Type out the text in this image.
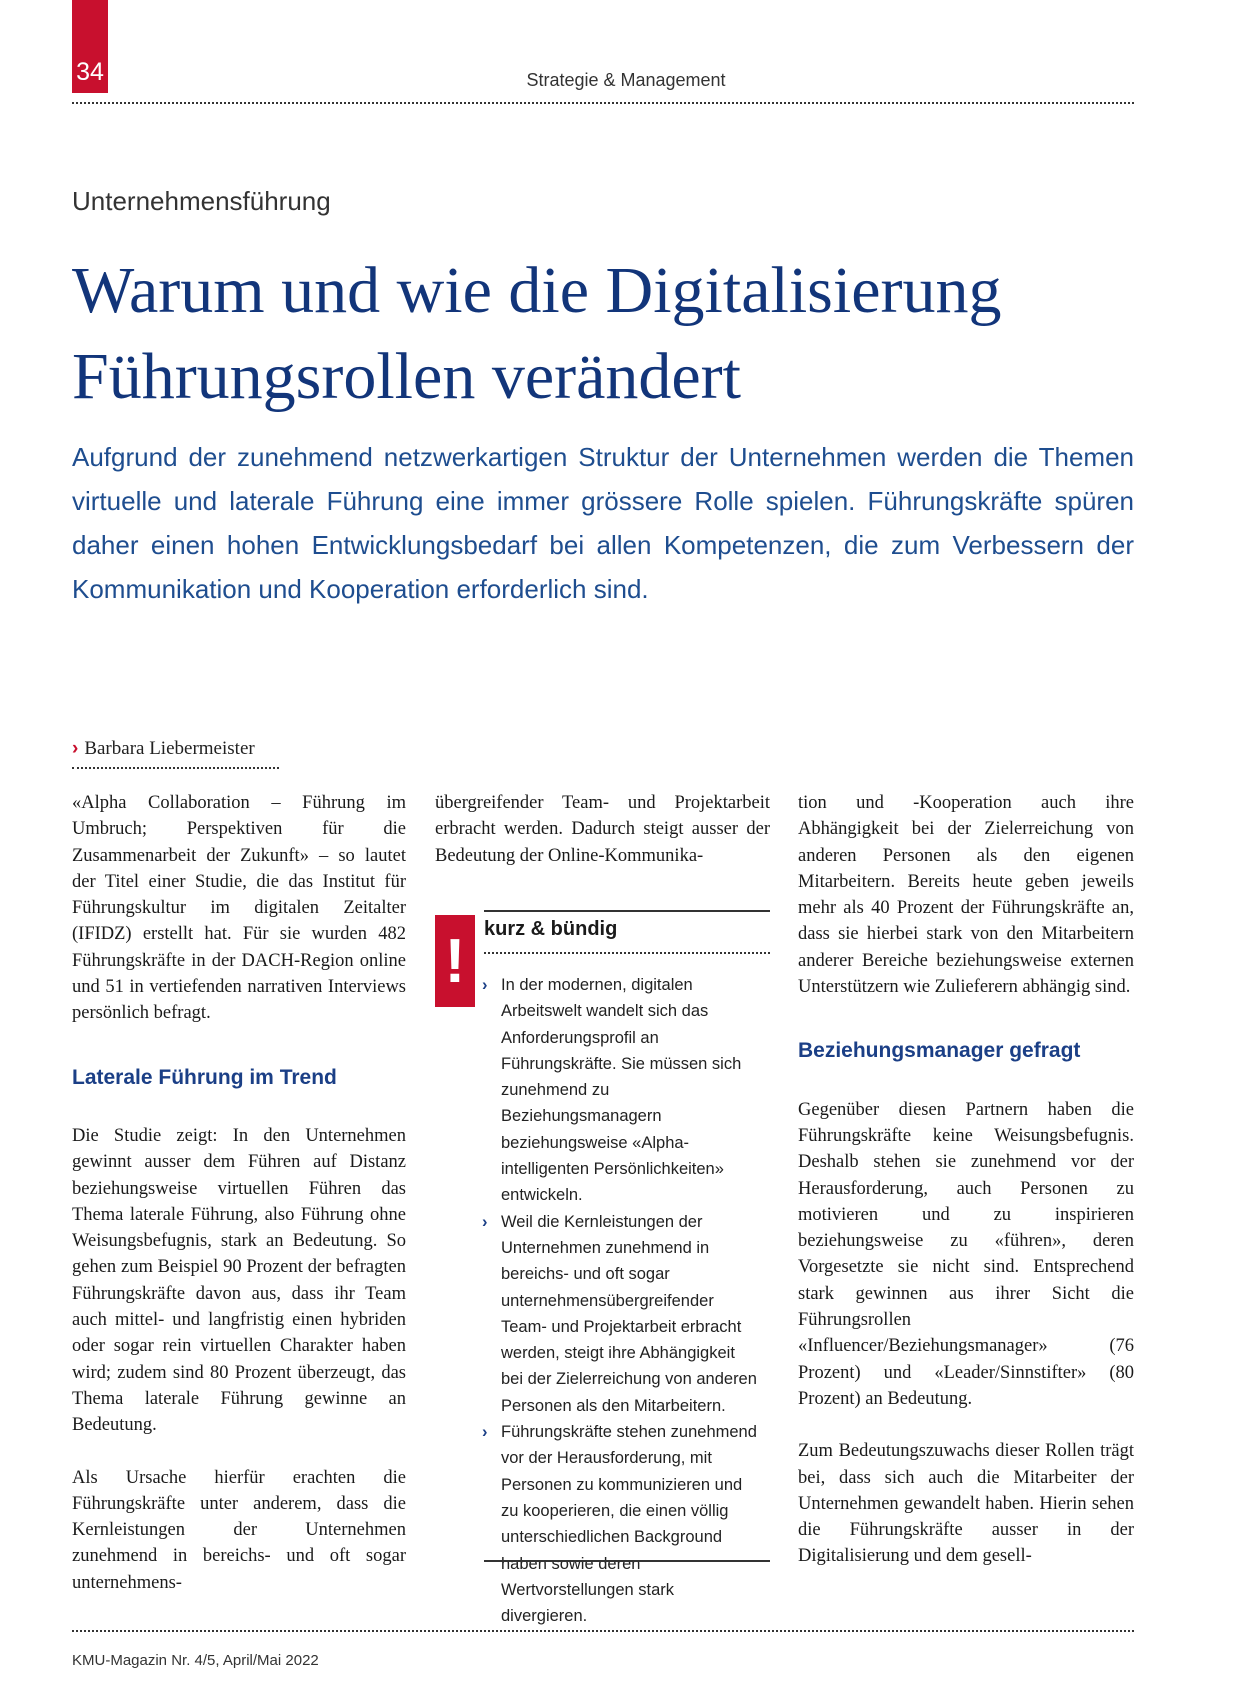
34	Strategie & Management
Unternehmensführung
Warum und wie die Digitalisierung
Führungsrollen verändert
Aufgrund der zunehmend netzwerkartigen Struktur der Unternehmen werden die Themen virtuelle und laterale Führung eine immer grössere Rolle spielen. Führungskräfte spüren daher einen hohen Entwicklungsbedarf bei allen Kompetenzen, die zum Verbessern der Kommunikation und Kooperation erforderlich sind.
› Barbara Liebermeister

«Alpha Collaboration – Führung im Umbruch; Perspektiven für die Zusammenarbeit der Zukunft» – so lautet der Titel einer Studie, die das Institut für Führungskultur im digitalen Zeitalter (IFIDZ) erstellt hat. Für sie wurden 482 Führungskräfte in der DACH-Region online und 51 in vertiefenden narrativen Interviews persönlich befragt.

Laterale Führung im Trend

Die Studie zeigt: In den Unternehmen gewinnt ausser dem Führen auf Distanz beziehungsweise virtuellen Führen das Thema laterale Führung, also Führung ohne Weisungsbefugnis, stark an Bedeutung. So gehen zum Beispiel 90 Prozent der befragten Führungskräfte davon aus, dass ihr Team auch mittel- und langfristig einen hybriden oder sogar rein virtuellen Charakter haben wird; zudem sind 80 Prozent überzeugt, das Thema laterale Führung gewinne an Bedeutung.

Als Ursache hierfür erachten die Führungskräfte unter anderem, dass die Kernleistungen der Unternehmen zunehmend in bereichs- und oft sogar unternehmens-

übergreifender Team- und Projektarbeit erbracht werden. Dadurch steigt ausser der Bedeutung der Online-Kommunika-

! kurz & bündig
› In der modernen, digitalen Arbeitswelt wandelt sich das Anforderungsprofil an Führungskräfte. Sie müssen sich zunehmend zu Beziehungsmanagern beziehungsweise «Alpha-intelligenten Persönlichkeiten» entwickeln.
› Weil die Kernleistungen der Unternehmen zunehmend in bereichs- und oft sogar unternehmensübergreifender Team- und Projektarbeit erbracht werden, steigt ihre Abhängigkeit bei der Zielerreichung von anderen Personen als den Mitarbeitern.
› Führungskräfte stehen zunehmend vor der Herausforderung, mit Personen zu kommunizieren und zu kooperieren, die einen völlig unterschiedlichen Background haben sowie deren Wertvorstellungen stark divergieren.

tion und -Kooperation auch ihre Abhängigkeit bei der Zielerreichung von anderen Personen als den eigenen Mitarbeitern. Bereits heute geben jeweils mehr als 40 Prozent der Führungskräfte an, dass sie hierbei stark von den Mitarbeitern anderer Bereiche beziehungsweise externen Unterstützern wie Zulieferern abhängig sind.

Beziehungsmanager gefragt

Gegenüber diesen Partnern haben die Führungskräfte keine Weisungsbefugnis. Deshalb stehen sie zunehmend vor der Herausforderung, auch Personen zu motivieren und zu inspirieren beziehungsweise zu «führen», deren Vorgesetzte sie nicht sind. Entsprechend stark gewinnen aus ihrer Sicht die Führungsrollen «Influencer/Beziehungsmanager» (76 Prozent) und «Leader/Sinnstifter» (80 Prozent) an Bedeutung.

Zum Bedeutungszuwachs dieser Rollen trägt bei, dass sich auch die Mitarbeiter der Unternehmen gewandelt haben. Hierin sehen die Führungskräfte ausser in der Digitalisierung und dem gesell-

KMU-Magazin Nr. 4/5, April/Mai 2022
